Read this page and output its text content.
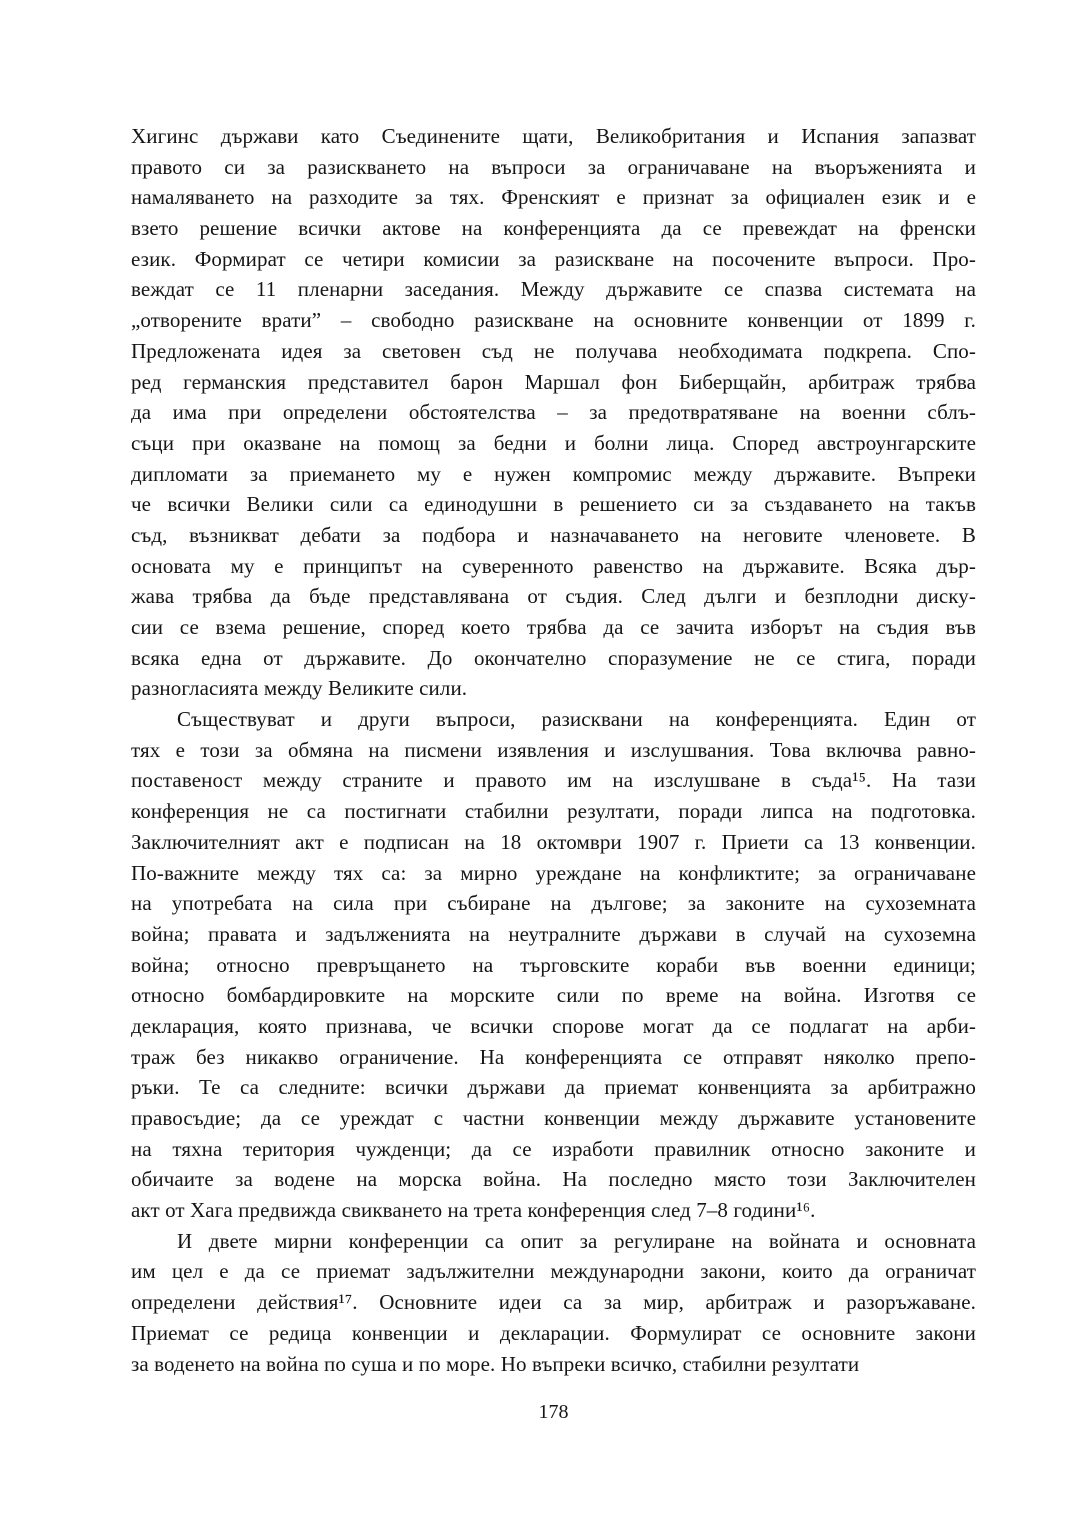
Хигинс държави като Съединените щати, Великобритания и Испания запазват
правото си за разискването на въпроси за ограничаване на въоръженията и
намаляването на разходите за тях. Френският е признат за официален език и е
взето решение всички актове на конференцията да се превеждат на френски
език. Формират се четири комисии за разискване на посочените въпроси. Про-
веждат се 11 пленарни заседания. Между държавите се спазва системата на
„отворените врати” – свободно разискване на основните конвенции от 1899 г.
Предложената идея за световен съд не получава необходимата подкрепа. Спо-
ред германския представител барон Маршал фон Биберщайн, арбитраж трябва
да има при определени обстоятелства – за предотвратяване на военни сблъ-
съци при оказване на помощ за бедни и болни лица. Според австроунгарските
дипломати за приемането му е нужен компромис между държавите. Въпреки
че всички Велики сили са единодушни в решението си за създаването на такъв
съд, възникват дебати за подбора и назначаването на неговите членовете. В
основата му е принципът на суверенното равенство на държавите. Всяка дър-
жава трябва да бъде представлявана от съдия. След дълги и безплодни диску-
сии се взема решение, според което трябва да се зачита изборът на съдия във
всяка една от държавите. До окончателно споразумение не се стига, поради
разногласията между Великите сили.
Съществуват и други въпроси, разисквани на конференцията. Един от
тях е този за обмяна на писмени изявления и изслушвания. Това включва равно-
поставеност между страните и правото им на изслушване в съда¹⁵. На тази
конференция не са постигнати стабилни резултати, поради липса на подготовка.
Заключителният акт е подписан на 18 октомври 1907 г. Приети са 13 конвенции.
По-важните между тях са: за мирно уреждане на конфликтите; за ограничаване
на употребата на сила при събиране на дългове; за законите на сухоземната
война; правата и задълженията на неутралните държави в случай на сухоземна
война; относно превръщането на търговските кораби във военни единици;
относно бомбардировките на морските сили по време на война. Изготвя се
декларация, която признава, че всички спорове могат да се подлагат на арби-
траж без никакво ограничение. На конференцията се отправят няколко препо-
ръки. Те са следните: всички държави да приемат конвенцията за арбитражно
правосъдие; да се уреждат с частни конвенции между държавите установените
на тяхна територия чужденци; да се изработи правилник относно законите и
обичаите за водене на морска война. На последно място този Заключителен
акт от Хага предвижда свикването на трета конференция след 7–8 години¹⁶.
И двете мирни конференции са опит за регулиране на войната и основната
им цел е да се приемат задължителни международни закони, които да ограничат
определени действия¹⁷. Основните идеи са за мир, арбитраж и разоръжаване.
Приемат се редица конвенции и декларации. Формулират се основните закони
за воденето на война по суша и по море. Но въпреки всичко, стабилни резултати
178
